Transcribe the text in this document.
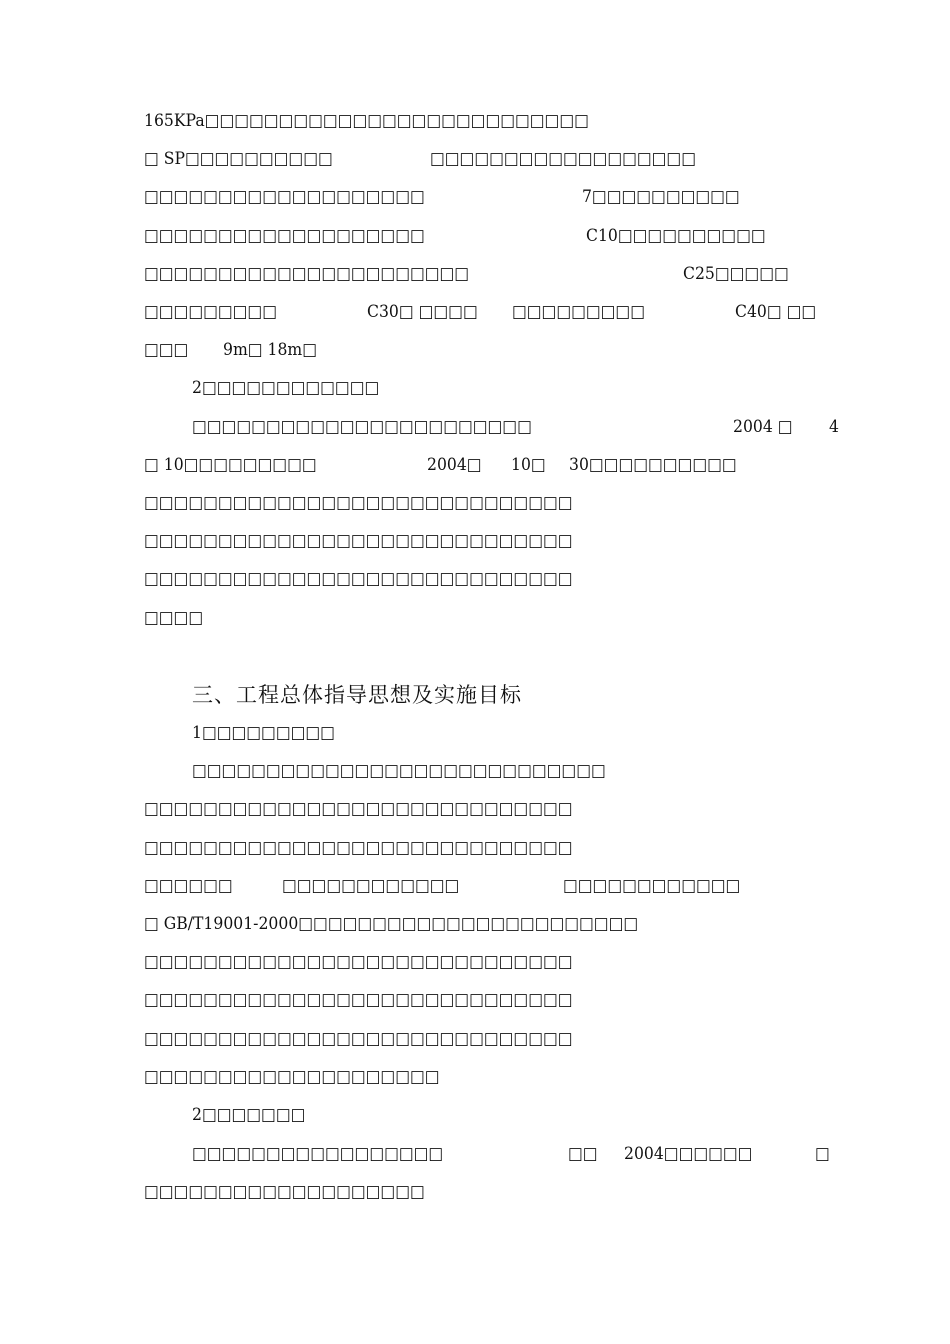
三、工程总体指导思想及实施目标
165KPa□□□□□□□□□□□□□□□□□□□□□□□□□□
□ SP□□□□□□□□□□	□□□□□□□□□□□□□□□□□□
□□□□□□□□□□□□□□□□□□□	7□□□□□□□□□□
□□□□□□□□□□□□□□□□□□□	C10□□□□□□□□□□
□□□□□□□□□□□□□□□□□□□□□□	C25□□□□□
□□□□□□□□□	C30□ □□□□ □□□□□□□□□	C40□ □□
□□□ 9m□ 18m□
2□□□□□□□□□□□□
□□□□□□□□□□□□□□□□□□□□□□□	2004 □ 4
□ 10□□□□□□□□□	2004□ 10□ 30□□□□□□□□□□
□□□□□□□□□□□□□□□□□□□□□□□□□□□□□
□□□□□□□□□□□□□□□□□□□□□□□□□□□□□
□□□□□□□□□□□□□□□□□□□□□□□□□□□□□
□□□□
1□□□□□□□□□
□□□□□□□□□□□□□□□□□□□□□□□□□□□□
□□□□□□□□□□□□□□□□□□□□□□□□□□□□□
□□□□□□□□□□□□□□□□□□□□□□□□□□□□□
□□□□□□	□□□□□□□□□□□□	□□□□□□□□□□□□
□ GB/T19001-2000□□□□□□□□□□□□□□□□□□□□□□□
□□□□□□□□□□□□□□□□□□□□□□□□□□□□□
□□□□□□□□□□□□□□□□□□□□□□□□□□□□□
□□□□□□□□□□□□□□□□□□□□□□□□□□□□□
□□□□□□□□□□□□□□□□□□□□
2□□□□□□□
□□□□□□□□□□□□□□□□□	□□ 2004□□□□□□	□
□□□□□□□□□□□□□□□□□□□
